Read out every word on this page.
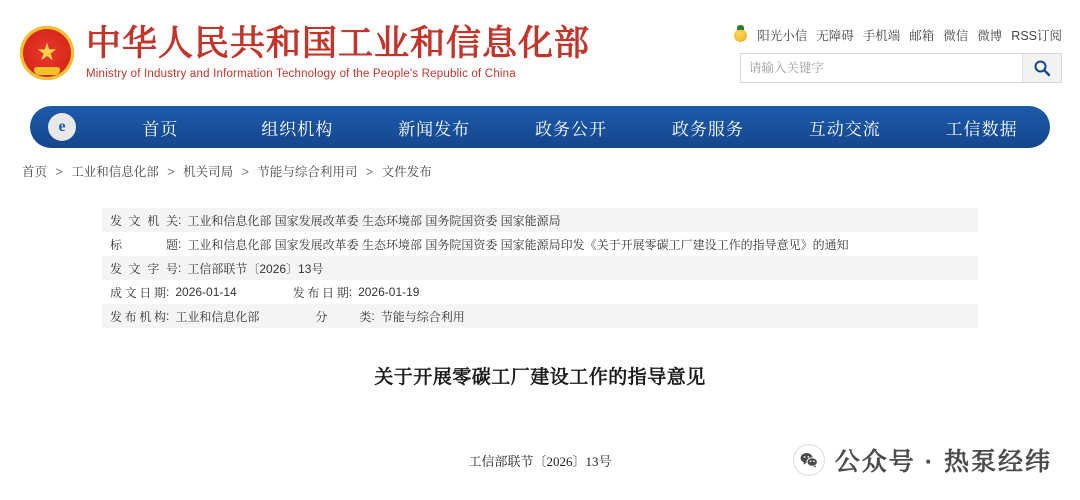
★ 中华人民共和国工业和信息化部
Ministry of Industry and Information Technology of the People's Republic of China
阳光小信 无障碍 手机端 邮箱 微信 微博 RSS订阅
请输入关键字
e	首页	组织机构	新闻发布	政务公开	政务服务	互动交流	工信数据
首页 > 工业和信息化部 > 机关司局 > 节能与综合利用司 > 文件发布
发文机关 : 工业和信息化部 国家发展改革委 生态环境部 国务院国资委 国家能源局
标题 : 工业和信息化部 国家发展改革委 生态环境部 国务院国资委 国家能源局印发《关于开展零碳工厂建设工作的指导意见》的通知
发文字号 : 工信部联节〔2026〕13号
成文日期 : 2026-01-14	发布日期 : 2026-01-19
发布机构 : 工业和信息化部	分类 : 节能与综合利用
关于开展零碳工厂建设工作的指导意见
工信部联节〔2026〕13号	公众号 · 热泵经纬
